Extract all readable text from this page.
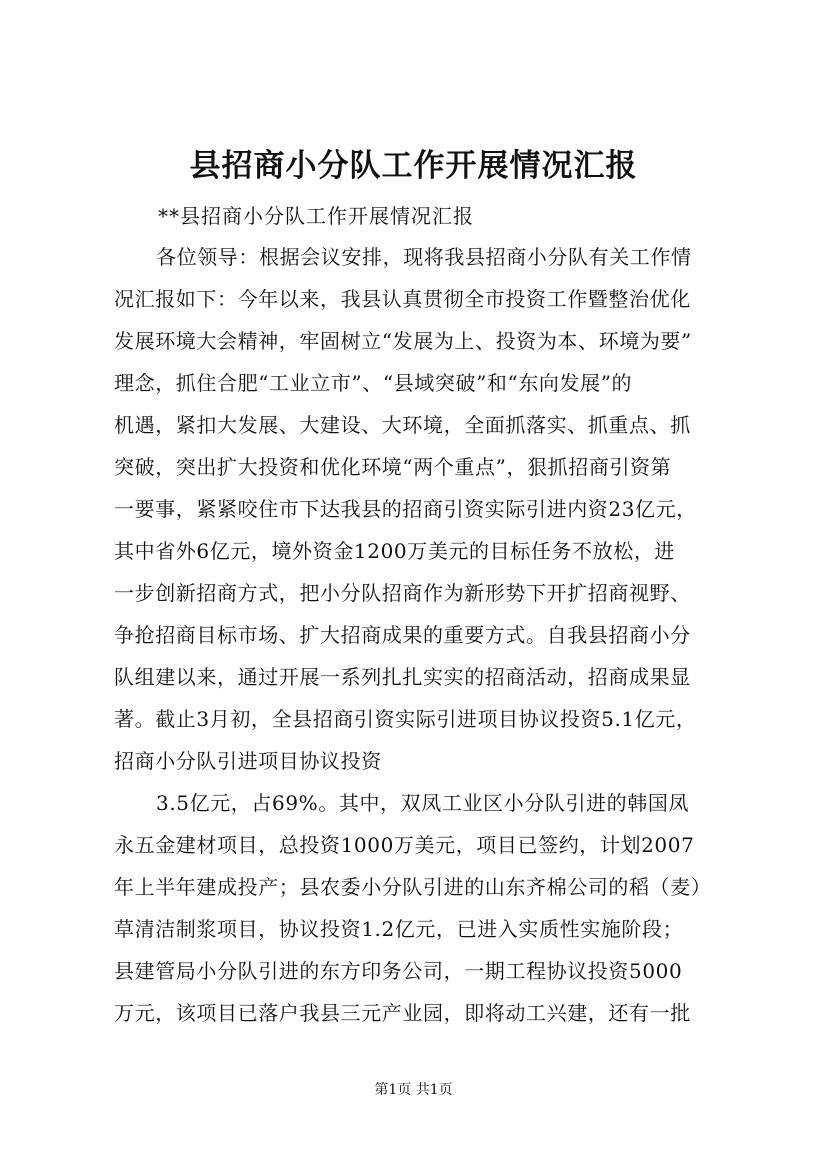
县招商小分队工作开展情况汇报
**县招商小分队工作开展情况汇报
各位领导：根据会议安排，现将我县招商小分队有关工作情
况汇报如下：今年以来，我县认真贯彻全市投资工作暨整治优化
发展环境大会精神，牢固树立“发展为上、投资为本、环境为要”
理念，抓住合肥“工业立市”、“县域突破”和“东向发展”的
机遇，紧扣大发展、大建设、大环境，全面抓落实、抓重点、抓
突破，突出扩大投资和优化环境“两个重点”，狠抓招商引资第
一要事，紧紧咬住市下达我县的招商引资实际引进内资23亿元，
其中省外6亿元，境外资金1200万美元的目标任务不放松，进
一步创新招商方式，把小分队招商作为新形势下开扩招商视野、
争抢招商目标市场、扩大招商成果的重要方式。自我县招商小分
队组建以来，通过开展一系列扎扎实实的招商活动，招商成果显
著。截止3月初，全县招商引资实际引进项目协议投资5.1亿元，
招商小分队引进项目协议投资
3.5亿元，占69%。其中，双凤工业区小分队引进的韩国凤
永五金建材项目，总投资1000万美元，项目已签约，计划2007
年上半年建成投产；县农委小分队引进的山东齐棉公司的稻（麦）
草清洁制浆项目，协议投资1.2亿元，已进入实质性实施阶段；
县建管局小分队引进的东方印务公司，一期工程协议投资5000
万元，该项目已落户我县三元产业园，即将动工兴建，还有一批
第1页 共1页
